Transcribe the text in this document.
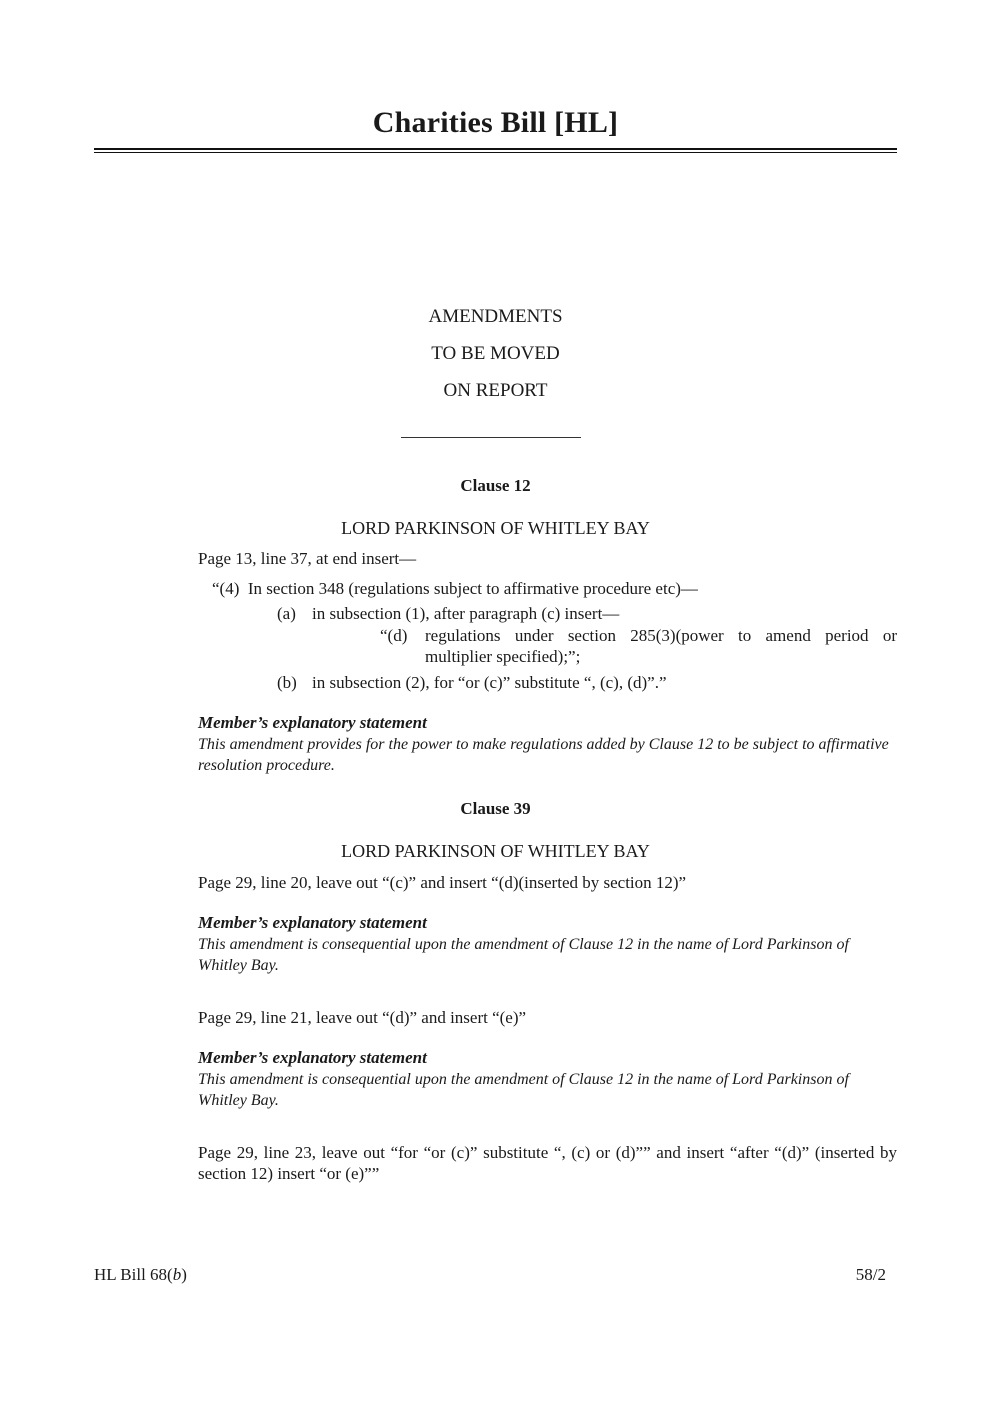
Charities Bill [HL]
AMENDMENTS
TO BE MOVED
ON REPORT
Clause 12
LORD PARKINSON OF WHITLEY BAY
Page 13, line 37, at end insert—
“(4) In section 348 (regulations subject to affirmative procedure etc)—
(a) in subsection (1), after paragraph (c) insert—
“(d) regulations under section 285(3)(power to amend period or multiplier specified);”;
(b) in subsection (2), for “or (c)” substitute “, (c), (d)”.”
Member’s explanatory statement
This amendment provides for the power to make regulations added by Clause 12 to be subject to affirmative resolution procedure.
Clause 39
LORD PARKINSON OF WHITLEY BAY
Page 29, line 20, leave out “(c)” and insert “(d)(inserted by section 12)”
Member’s explanatory statement
This amendment is consequential upon the amendment of Clause 12 in the name of Lord Parkinson of Whitley Bay.
Page 29, line 21, leave out “(d)” and insert “(e)”
Member’s explanatory statement
This amendment is consequential upon the amendment of Clause 12 in the name of Lord Parkinson of Whitley Bay.
Page 29, line 23, leave out “for “or (c)” substitute “, (c) or (d)”” and insert “after “(d)” (inserted by section 12) insert “or (e)””
HL Bill 68(b)	58/2
